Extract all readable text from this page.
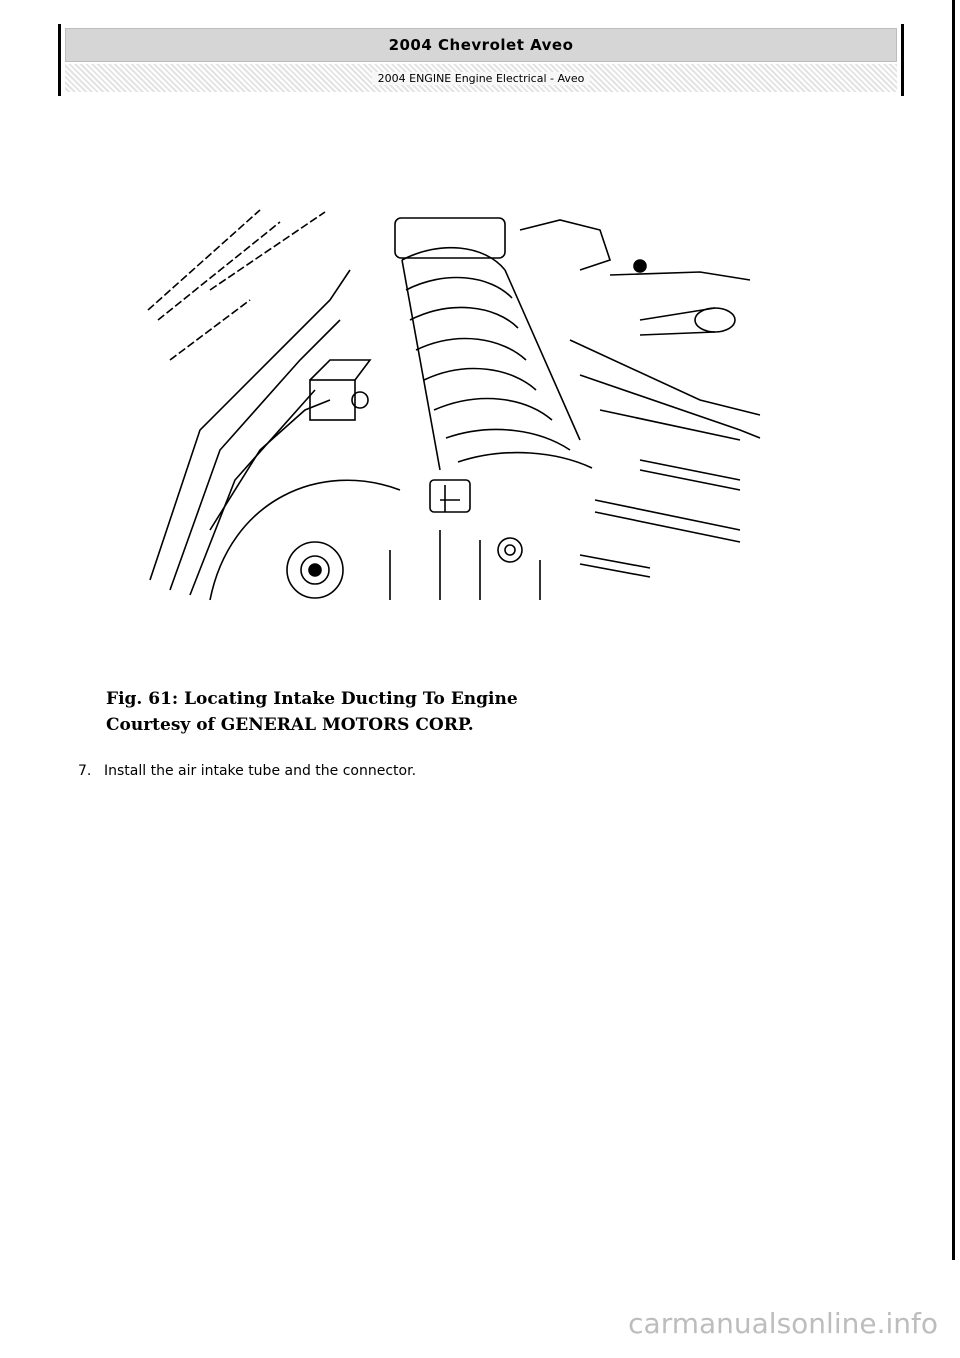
2004 Chevrolet Aveo
2004 ENGINE Engine Electrical - Aveo
Fig. 61: Locating Intake Ducting To Engine
Courtesy of GENERAL MOTORS CORP.
7. Install the air intake tube and the connector.
carmanualsonline.info
